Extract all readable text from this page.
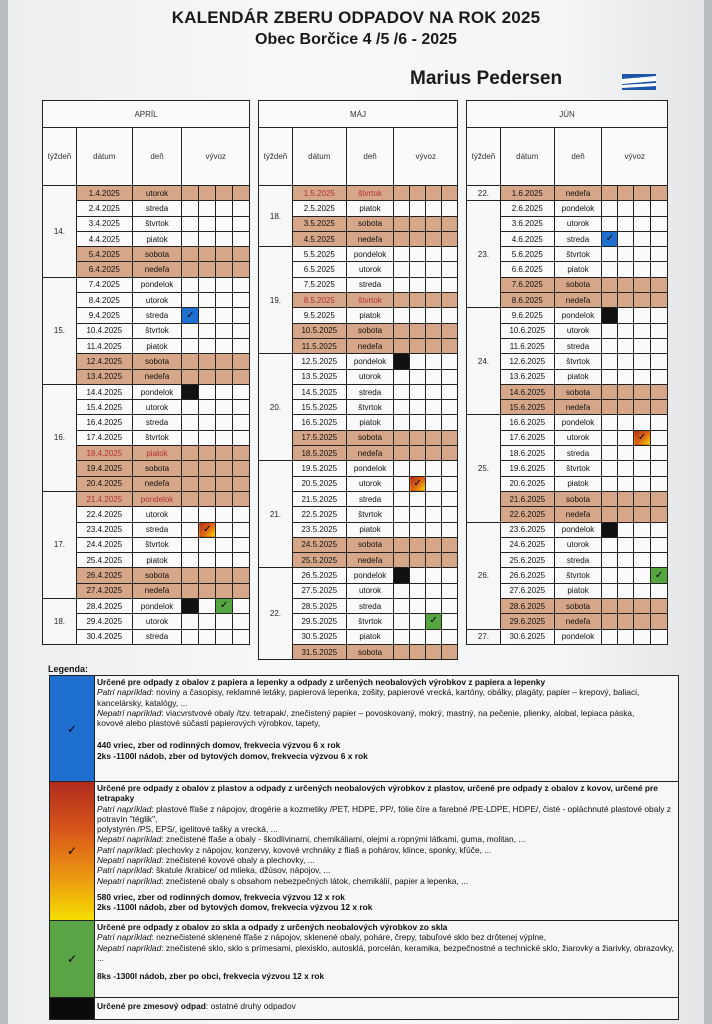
KALENDÁR ZBERU ODPADOV NA ROK 2025
Obec Borčice 4 /5 /6 - 2025
Marius Pedersen
APRÍL						
týždeň	dátum	deň	vývoz			
14.	1.4.2025	utorok				
	2.4.2025	streda				
	3.4.2025	štvrtok				
	4.4.2025	piatok				
	5.4.2025	sobota				
	6.4.2025	nedeľa				
15.	7.4.2025	pondelok				
	8.4.2025	utorok				
	9.4.2025	streda	✓			
	10.4.2025	štvrtok				
	11.4.2025	piatok				
	12.4.2025	sobota				
	13.4.2025	nedeľa				
16.	14.4.2025	pondelok				
	15.4.2025	utorok				
	16.4.2025	streda				
	17.4.2025	štvrtok				
	18.4.2025	piatok				
	19.4.2025	sobota				
	20.4.2025	nedeľa				
17.	21.4.2025	pondelok				
	22.4.2025	utorok				
	23.4.2025	streda		✓		
	24.4.2025	štvrtok				
	25.4.2025	piatok				
	26.4.2025	sobota				
	27.4.2025	nedeľa				
18.	28.4.2025	pondelok			✓	
	29.4.2025	utorok				
	30.4.2025	streda				
MÁJ						
týždeň	dátum	deň	vývoz			
18.	1.5.2025	štvrtok				
	2.5.2025	piatok				
	3.5.2025	sobota				
	4.5.2025	nedeľa				
19.	5.5.2025	pondelok				
	6.5.2025	utorok				
	7.5.2025	streda				
	8.5.2025	štvrtok				
	9.5.2025	piatok				
	10.5.2025	sobota				
	11.5.2025	nedeľa				
20.	12.5.2025	pondelok				
	13.5.2025	utorok				
	14.5.2025	streda				
	15.5.2025	štvrtok				
	16.5.2025	piatok				
	17.5.2025	sobota				
	18.5.2025	nedeľa				
21.	19.5.2025	pondelok				
	20.5.2025	utorok		✓		
	21.5.2025	streda				
	22.5.2025	štvrtok				
	23.5.2025	piatok				
	24.5.2025	sobota				
	25.5.2025	nedeľa				
22.	26.5.2025	pondelok				
	27.5.2025	utorok				
	28.5.2025	streda				
	29.5.2025	štvrtok			✓	
	30.5.2025	piatok				
	31.5.2025	sobota				
JÚN						
týždeň	dátum	deň	vývoz			
22.	1.6.2025	nedeľa				
23.	2.6.2025	pondelok				
	3.6.2025	utorok				
	4.6.2025	streda	✓			
	5.6.2025	štvrtok				
	6.6.2025	piatok				
	7.6.2025	sobota				
	8.6.2025	nedeľa				
24.	9.6.2025	pondelok				
	10.6.2025	utorok				
	11.6.2025	streda				
	12.6.2025	štvrtok				
	13.6.2025	piatok				
	14.6.2025	sobota				
	15.6.2025	nedeľa				
25.	16.6.2025	pondelok				
	17.6.2025	utorok			✓	
	18.6.2025	streda				
	19.6.2025	štvrtok				
	20.6.2025	piatok				
	21.6.2025	sobota				
	22.6.2025	nedeľa				
26.	23.6.2025	pondelok				
	24.6.2025	utorok				
	25.6.2025	streda				
	26.6.2025	štvrtok				✓
	27.6.2025	piatok				
	28.6.2025	sobota				
	29.6.2025	nedeľa				
27.	30.6.2025	pondelok				
Legenda:
✓
Určené pre odpady z obalov z papiera a lepenky a odpady z určených neobalových výrobkov z papiera a lepenky
Patrí napríklad: noviny a časopisy, reklamné letáky, papierová lepenka, zošity, papierové vrecká, kartóny, obálky, plagáty, papier – krepový, baliaci, kancelársky, katalógy, ...
Nepatrí napríklad: viacvrstvové obaly /tzv. tetrapak/, znečistený papier – povoskovaný, mokrý, mastný, na pečenie, plienky, alobal, lepiaca páska,
kovové alebo plastové súčasti papierových výrobkov, tapety,
440 vriec, zber od rodinných domov, frekvecia výzvou 6 x rok
2ks -1100l nádob, zber od bytových domov, frekvecia výzvou 6 x rok
✓
Určené pre odpady z obalov z plastov a odpady z určených neobalových výrobkov z plastov, určené pre odpady z obalov z kovov, určené pre tetrapaky
Patrí napríklad: plastové fľaše z nápojov, drogérie a kozmetiky /PET, HDPE, PP/, fólie číre a farebné /PE-LDPE, HDPE/, čisté - opláchnuté plastové obaly z potravín "téglik",
polystyrén /PS, EPS/, igelitové tašky a vrecká, ...
Nepatrí napríklad: znečistené fľaše a obaly - škodlivinami, chemikáliami, olejmi a ropnými látkami, guma, molitan, ...
Patrí napríklad: plechovky z nápojov, konzervy, kovové vrchnáky z fliaš a pohárov, klince, sponky, kľúče, ...
Nepatrí napríklad: znečistené kovové obaly a plechovky, ...
Patrí napríklad: škatule /krabice/ od mlieka, džúsov, nápojov, ...
Nepatrí napríklad: znečistené obaly s obsahom nebezpečných látok, chemikálií, papier a lepenka, ...
580 vriec, zber od rodinných domov, frekvecia výzvou 12 x rok
2ks -1100l nádob, zber od bytových domov, frekvecia výzvou 12 x rok
✓
Určené pre odpady z obalov zo skla a odpady z určených neobalových výrobkov zo skla
Patrí napríklad: neznečistené sklenené fľaše z nápojov, sklenené obaly, poháre, črepy, tabuľové sklo bez drôtenej výplne,
Nepatrí napríklad: znečistené sklo, sklo s prímesami, plexisklo, autosklá, porcelán, keramika, bezpečnostné a technické sklo, žiarovky a žiarivky, obrazovky, ...
8ks -1300l nádob, zber po obci, frekvecia výzvou 12 x rok
Určené pre zmesový odpad: ostatné druhy odpadov
